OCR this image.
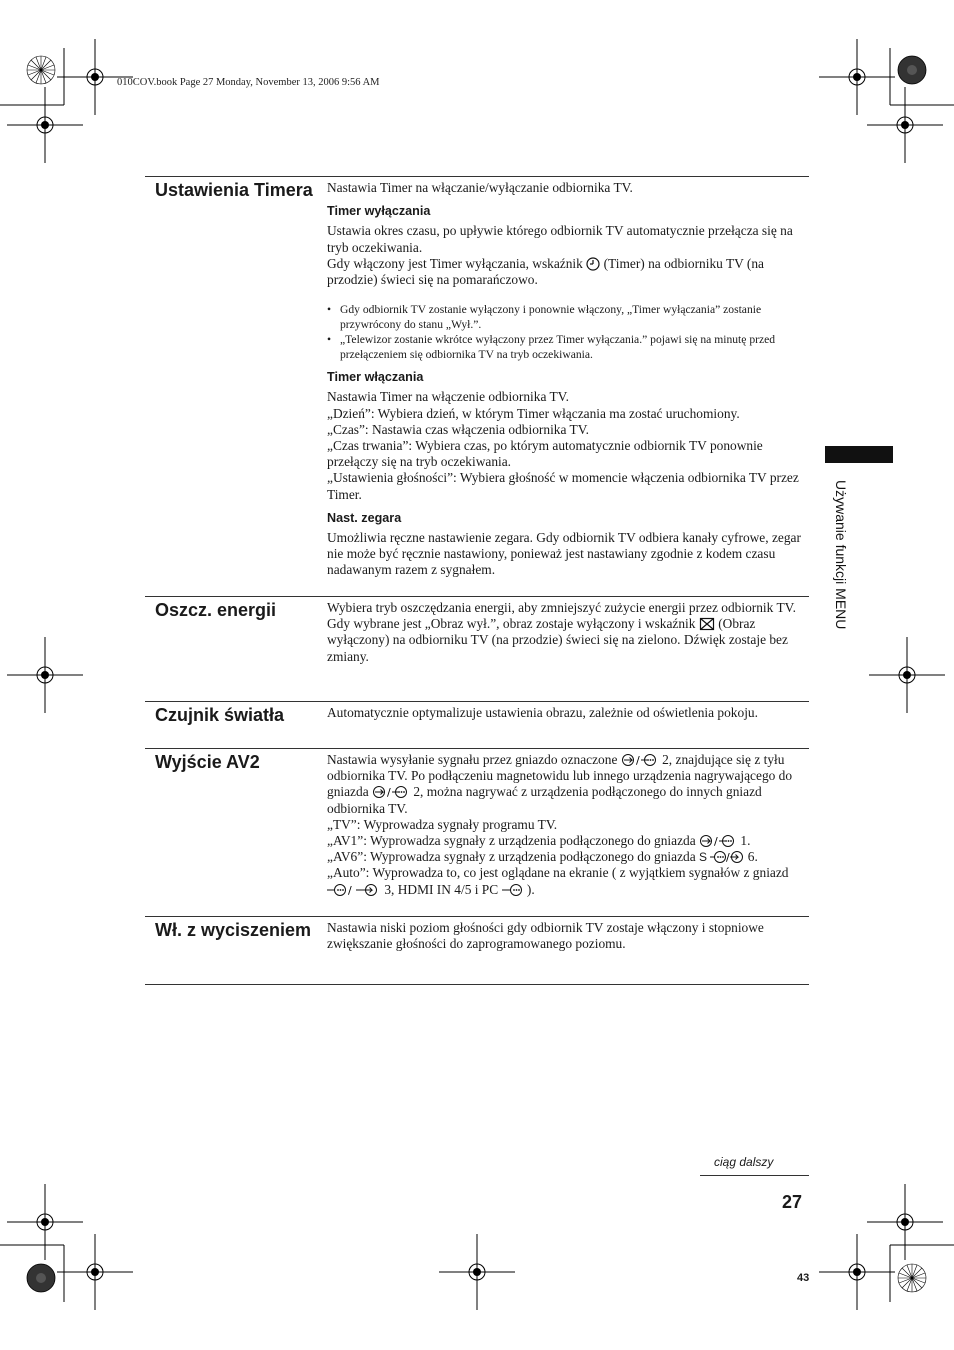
010COV.book Page 27 Monday, November 13, 2006 9:56 AM
Ustawienia Timera	Nastawia Timer na włączanie/wyłączanie odbiornika TV.

Timer wyłączania

Ustawia okres czasu, po upływie którego odbiornik TV automatycznie przełącza się na tryb oczekiwania.

Gdy włączony jest Timer wyłączania, wskaźnik (Timer) na odbiorniku TV (na przodzie) świeci się na pomarańczowo.

• Gdy odbiornik TV zostanie wyłączony i ponownie włączony, „Timer wyłączania” zostanie przywrócony do stanu „Wył.”.
• „Telewizor zostanie wkrótce wyłączony przez Timer wyłączania.” pojawi się na minutę przed przełączeniem się odbiornika TV na tryb oczekiwania.

Timer włączania

Nastawia Timer na włączenie odbiornika TV.

„Dzień”: Wybiera dzień, w którym Timer włączania ma zostać uruchomiony.

„Czas”: Nastawia czas włączenia odbiornika TV.

„Czas trwania”: Wybiera czas, po którym automatycznie odbiornik TV ponownie przełączy się na tryb oczekiwania.

„Ustawienia głośności”: Wybiera głośność w momencie włączenia odbiornika TV przez Timer.

Nast. zegara

Umożliwia ręczne nastawienie zegara. Gdy odbiornik TV odbiera kanały cyfrowe, zegar nie może być ręcznie nastawiony, ponieważ jest nastawiany zgodnie z kodem czasu nadawanym razem z sygnałem.

Oszcz. energii	Wybiera tryb oszczędzania energii, aby zmniejszyć zużycie energii przez odbiornik TV.

Gdy wybrane jest „Obraz wył.”, obraz zostaje wyłączony i wskaźnik (Obraz wyłączony) na odbiorniku TV (na przodzie) świeci się na zielono. Dźwięk zostaje bez zmiany.

Czujnik światła	Automatycznie optymalizuje ustawienia obrazu, zależnie od oświetlenia pokoju.
Wyjście AV2	Nastawia wysyłanie sygnału przez gniazdo oznaczone / 2, znajdujące się z tyłu odbiornika TV. Po podłączeniu magnetowidu lub innego urządzenia nagrywającego do gniazda / 2, można nagrywać z urządzenia podłączonego do innych gniazd odbiornika TV.

„TV”: Wyprowadza sygnały programu TV.

„AV1”: Wyprowadza sygnały z urządzenia podłączonego do gniazda / 1.

„AV6”: Wyprowadza sygnały z urządzenia podłączonego do gniazda S / 6.

„Auto”: Wyprowadza to, co jest oglądane na ekranie ( z wyjątkiem sygnałów z gniazd
/ 3, HDMI IN 4/5 i PC ).

Wł. z wyciszeniem	Nastawia niski poziom głośności gdy odbiornik TV zostaje włączony i stopniowe zwiększanie głośności do zaprogramowanego poziomu.
Używanie funkcji MENU
ciąg dalszy
27
43
